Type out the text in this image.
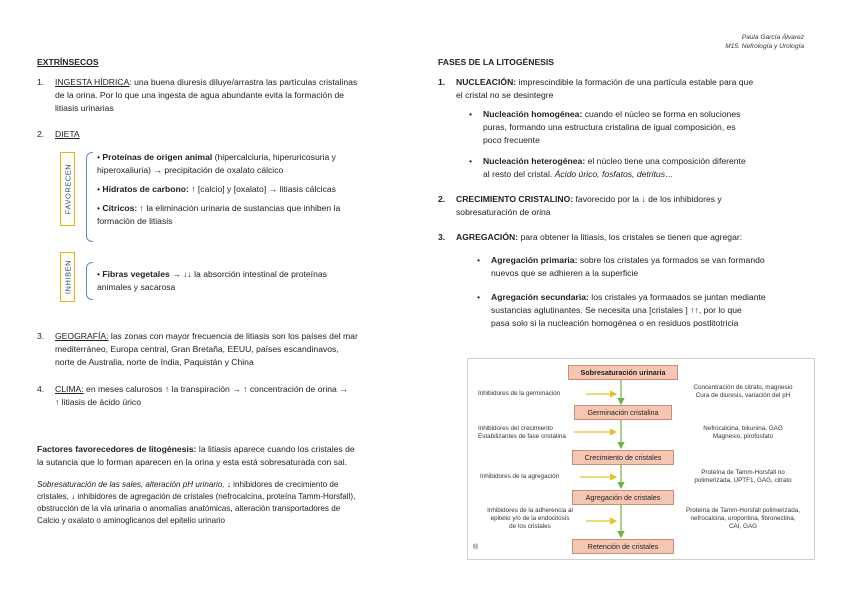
Paula García Álvarez
M15. Nefrología y Urología
EXTRÍNSECOS
1.	INGESTA HÍDRICA: una buena diuresis diluye/arrastra las partículas cristalinas
de la orina. Por lo que una ingesta de agua abundante evita la formación de
litiasis urinarias
2.	DIETA
FAVORECEN
• Proteínas de origen animal (hipercalciuria, hiperuricosuria y
hiperoxaliuria) → precipitación de oxalato cálcico
• Hidratos de carbono: ↑ [calcio] y [oxalato] → litiasis cálcicas
• Cítricos: ↑ la eliminación urinaria de sustancias que inhiben la
formación de litiasis
INHIBEN	• Fibras vegetales → ↓↓ la absorción intestinal de proteínas
animales y sacarosa
3.	GEOGRAFÍA: las zonas con mayor frecuencia de litiasis son los países del mar
mediterráneo, Europa central, Gran Bretaña, EEUU, países escandinavos,
norte de Australia, norte de India, Paquistán y China
4.	CLIMA: en meses calurosos ↑ la transpiración → ↑ concentración de orina →
↑ litiasis de ácido úrico
Factores favorecedores de litogénesis: la litiasis aparece cuando los cristales de
la sutancia que lo forman aparecen en la orina y esta está sobresaturada con sal.
Sobresaturación de las sales, alteración pH urinario, ↓ inhibidores de crecimiento de
cristales, ↓ inhibidores de agregación de cristales (nefrocalcina, proteína Tamm-Horsfall),
obstrucción de la vía urinaria o anomalías anatómicas, alteración transportadores de
Calcio y oxalato o aminoglicanos del epitelio urinario
FASES DE LA LITOGÉNESIS
1.	NUCLEACIÓN: imprescindible la formación de una partícula estable para que
el cristal no se desintegre
• Nucleación homogénea: cuando el núcleo se forma en soluciones
puras, formando una estructura cristalina de igual composición, es
poco frecuente
• Nucleación heterogénea: el núcleo tiene una composición diferente
al resto del cristal. Ácido úrico, fosfatos, detritus…
2.	CRECIMIENTO CRISTALINO: favorecido por la ↓ de los inhibidores y
sobresaturación de orina
3.	AGREGACIÓN: para obtener la litiasis, los cristales se tienen que agregar:
• Agregación primaria: sobre los cristales ya formados se van formando
nuevos que se adhieren a la superficie
• Agregación secundaria: los cristales ya formaados se juntan mediante
sustancias aglutinantes. Se necesita una [cristales ] ↑↑, por lo que
pasa solo si la nucleación homogénea o en residuos postlitotricia
Sobresaturación urinaria
Germinación cristalina
Crecimiento de cristales
Agregación de cristales
Retención de cristales
Inhibidores de la germinación
Inhibidores del crecimiento
Estabilizantes de fase cristalina
Inhibidores de la agregación
Inhibidores de la adherencia al
epitelio y/o de la endocitosis
de los cristales
Concentración de citrato, magnesio
Cura de diuresis, variación del pH
Nefrocalcina, bikunina, GAG
Magnesio, pirofosfato
Proteína de Tamm-Horsfall no
polimerizada, UPTF1, GAG, citrato
Proteína de Tamm-Horsfall polimerizada,
nefrocalcina, uropontina, fibronectina,
CAI, GAG
®
